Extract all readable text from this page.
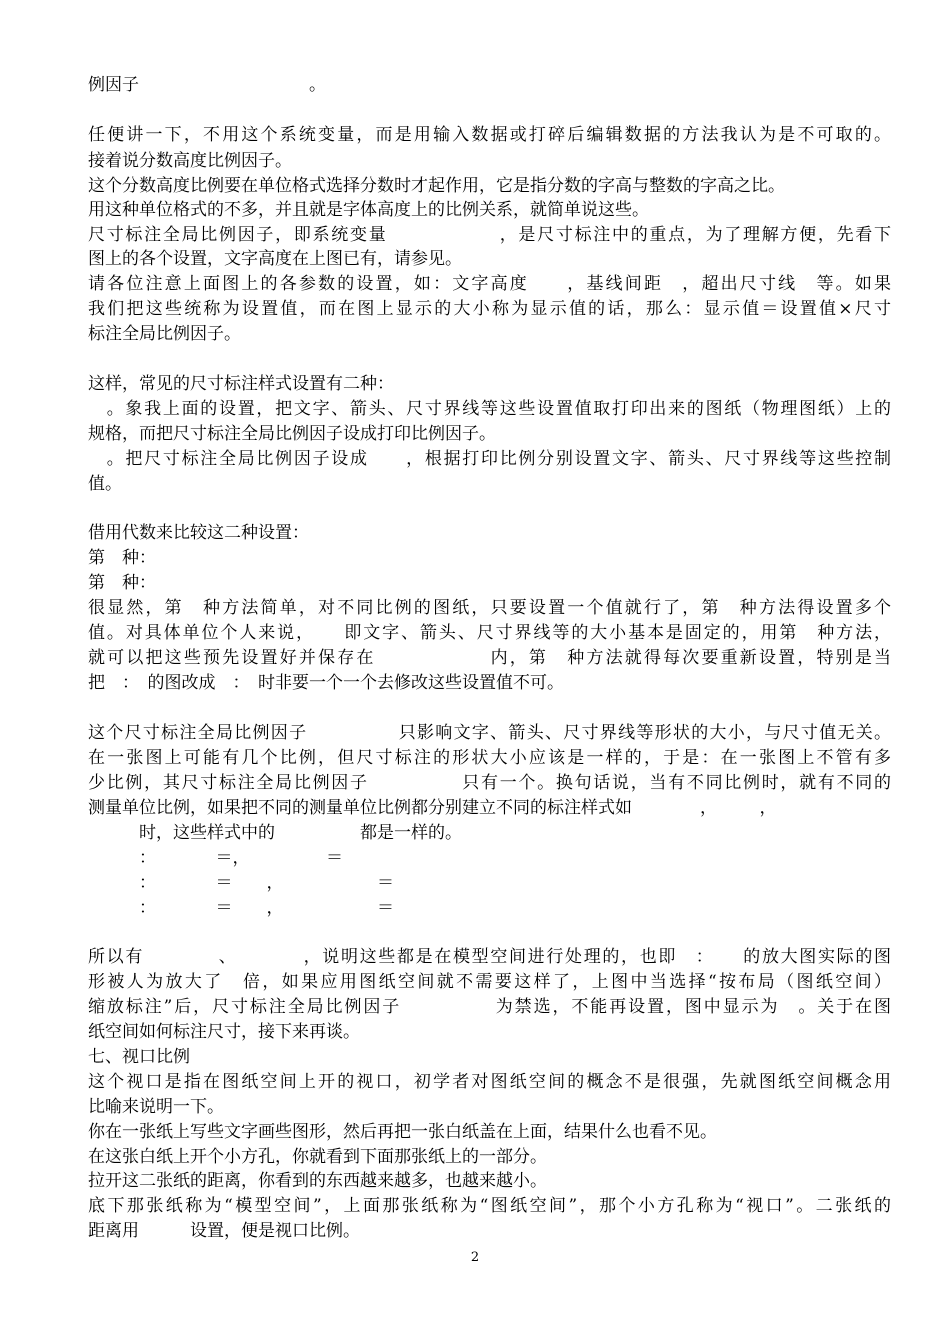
例因子　　　　　　　　　　。

任便讲一下，不用这个系统变量，而是用输入数据或打碎后编辑数据的方法我认为是不可取的。

接着说分数高度比例因子。

这个分数高度比例要在单位格式选择分数时才起作用，它是指分数的字高与整数的字高之比。

用这种单位格式的不多，并且就是字体高度上的比例关系，就简单说这些。

尺寸标注全局比例因子，即系统变量　　　　　　，是尺寸标注中的重点，为了理解方便，先看下

图上的各个设置，文字高度在上图已有，请参见。

请各位注意上面图上的各参数的设置，如：文字高度　　，基线间距　，超出尺寸线　等。如果

我们把这些统称为设置值，而在图上显示的大小称为显示值的话，那么：显示值＝设置值×尺寸

标注全局比例因子。

这样，常见的尺寸标注样式设置有二种：

　。象我上面的设置，把文字、箭头、尺寸界线等这些设置值取打印出来的图纸（物理图纸）上的

规格，而把尺寸标注全局比例因子设成打印比例因子。

　。把尺寸标注全局比例因子设成　　，根据打印比例分别设置文字、箭头、尺寸界线等这些控制

值。

借用代数来比较这二种设置：

第　种：

第　种：

很显然，第　种方法简单，对不同比例的图纸，只要设置一个值就行了，第　种方法得设置多个

值。对具体单位个人来说，　　即文字、箭头、尺寸界线等的大小基本是固定的，用第　种方法，

就可以把这些预先设置好并保存在　　　　　　内，第　种方法就得每次要重新设置，特别是当

把　：　的图改成　：　时非要一个一个去修改这些设置值不可。

这个尺寸标注全局比例因子　　　　　只影响文字、箭头、尺寸界线等形状的大小，与尺寸值无关。

在一张图上可能有几个比例，但尺寸标注的形状大小应该是一样的，于是：在一张图上不管有多

少比例，其尺寸标注全局比例因子　　　　　只有一个。换句话说，当有不同比例时，就有不同的

测量单位比例，如果把不同的测量单位比例都分别建立不同的标注样式如　　　　，　　　，

　　　时，这些样式中的　　　　　都是一样的。

　　　：　　　　＝，　　　　　＝

　　　：　　　　＝　　，　　　　　　＝

　　　：　　　　＝　　，　　　　　　＝

所以有　　　　、　　　　，说明这些都是在模型空间进行处理的，也即　：　　的放大图实际的图

形被人为放大了　倍，如果应用图纸空间就不需要这样了，上图中当选择“按布局（图纸空间）

缩放标注”后，尺寸标注全局比例因子　　　　　为禁选，不能再设置，图中显示为　。关于在图

纸空间如何标注尺寸，接下来再谈。

七、视口比例

这个视口是指在图纸空间上开的视口，初学者对图纸空间的概念不是很强，先就图纸空间概念用

比喻来说明一下。

你在一张纸上写些文字画些图形，然后再把一张白纸盖在上面，结果什么也看不见。

在这张白纸上开个小方孔，你就看到下面那张纸上的一部分。

拉开这二张纸的距离，你看到的东西越来越多，也越来越小。

底下那张纸称为“模型空间”，上面那张纸称为“图纸空间”，那个小方孔称为“视口”。二张纸的

距离用　　　设置，便是视口比例。

2
